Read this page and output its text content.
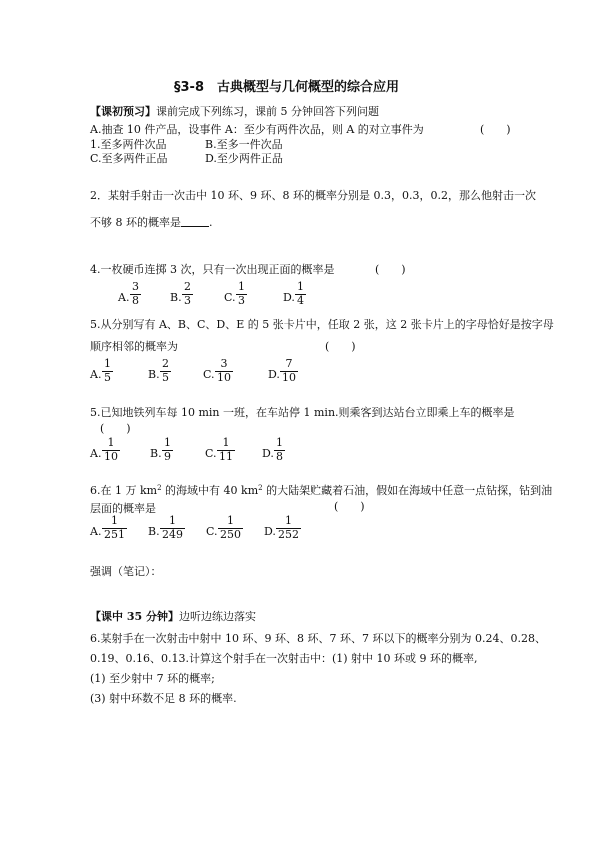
§3-8　古典概型与几何概型的综合应用
【课初预习】课前完成下列练习，课前 5 分钟回答下列问题
A.抽查 10 件产品，设事件 A：至少有两件次品，则 A 的对立事件为	(　　)
1.至多两件次品	B.至多一件次品
C.至多两件正品	D.至少两件正品
2．某射手射击一次击中 10 环、9 环、8 环的概率分别是 0.3，0.3，0.2，那么他射击一次
不够 8 环的概率是	.
4.一枚硬币连掷 3 次，只有一次出现正面的概率是	(　　)
A. $\frac{3}{8}$	B. $\frac{2}{3}$	C. $\frac{1}{3}$	D. $\frac{1}{4}$
5.从分别写有 A、B、C、D、E 的 5 张卡片中，任取 2 张，这 2 张卡片上的字母恰好是按字母
顺序相邻的概率为	(　　)
A. $\frac{1}{5}$	B. $\frac{2}{5}$	C. $\frac{3}{10}$	D. $\frac{7}{10}$
5.已知地铁列车每 10 min 一班，在车站停 1 min.则乘客到达站台立即乘上车的概率是
(　　)
A. $\frac{1}{10}$	B. $\frac{1}{9}$	C. $\frac{1}{11} D$. $\frac{1}{8}$
6.在 1 万 $km^2$ 的海域中有 40 $km^2$ 的大陆架贮藏着石油，假如在海域中任意一点钻探，钻到油
层面的概率是	(　　)
A. $\frac{1}{251} B$. $\frac{1}{249} C$. $\frac{1}{250} D$. $\frac{1}{252}$
强调（笔记）：
【课中 35 分钟】边听边练边落实
6.某射手在一次射击中射中 10 环、9 环、8 环、7 环、7 环以下的概率分别为 0.24、0.28、
0.19、0.16、0.13.计算这个射手在一次射击中：(1) 射中 10 环或 9 环的概率,
(1) 至少射中 7 环的概率;
(3) 射中环数不足 8 环的概率.
